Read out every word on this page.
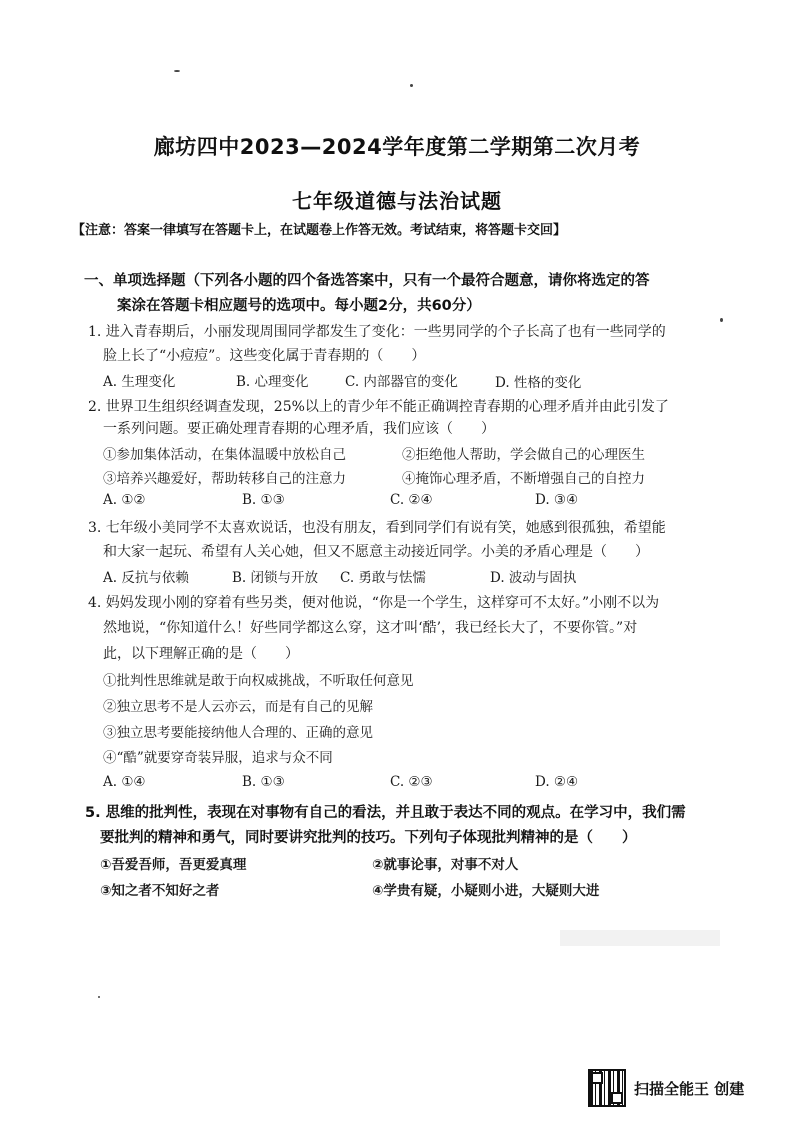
廊坊四中2023—2024学年度第二学期第二次月考
七年级道德与法治试题
【注意：答案一律填写在答题卡上，在试题卷上作答无效。考试结束，将答题卡交回】
一、单项选择题（下列各小题的四个备选答案中，只有一个最符合题意，请你将选定的答
案涂在答题卡相应题号的选项中。每小题2分，共60分）
1. 进入青春期后，小丽发现周围同学都发生了变化：一些男同学的个子长高了也有一些同学的
脸上长了“小痘痘”。这些变化属于青春期的（　　）
A. 生理变化	B. 心理变化	C. 内部器官的变化	D. 性格的变化
2. 世界卫生组织经调查发现，25%以上的青少年不能正确调控青春期的心理矛盾并由此引发了
一系列问题。要正确处理青春期的心理矛盾，我们应该（　　）
①参加集体活动，在集体温暖中放松自己	②拒绝他人帮助，学会做自己的心理医生
③培养兴趣爱好，帮助转移自己的注意力	④掩饰心理矛盾，不断增强自己的自控力
A. ①②	B. ①③	C. ②④	D. ③④
3. 七年级小美同学不太喜欢说话，也没有朋友，看到同学们有说有笑，她感到很孤独，希望能
和大家一起玩、希望有人关心她，但又不愿意主动接近同学。小美的矛盾心理是（　　）
A. 反抗与依赖	B. 闭锁与开放 C. 勇敢与怯懦	D. 波动与固执
4. 妈妈发现小刚的穿着有些另类，便对他说，“你是一个学生，这样穿可不太好。”小刚不以为
然地说，“你知道什么！好些同学都这么穿，这才叫‘酷’，我已经长大了，不要你管。”对
此，以下理解正确的是（　　）
①批判性思维就是敢于向权威挑战，不听取任何意见
②独立思考不是人云亦云，而是有自己的见解
③独立思考要能接纳他人合理的、正确的意见
④“酷”就要穿奇装异服，追求与众不同
A. ①④	B. ①③	C. ②③	D. ②④
5. 思维的批判性，表现在对事物有自己的看法，并且敢于表达不同的观点。在学习中，我们需
要批判的精神和勇气，同时要讲究批判的技巧。下列句子体现批判精神的是（　　）
①吾爱吾师，吾更爱真理	②就事论事，对事不对人
③知之者不知好之者	④学贵有疑，小疑则小进，大疑则大进
扫描全能王 创建
